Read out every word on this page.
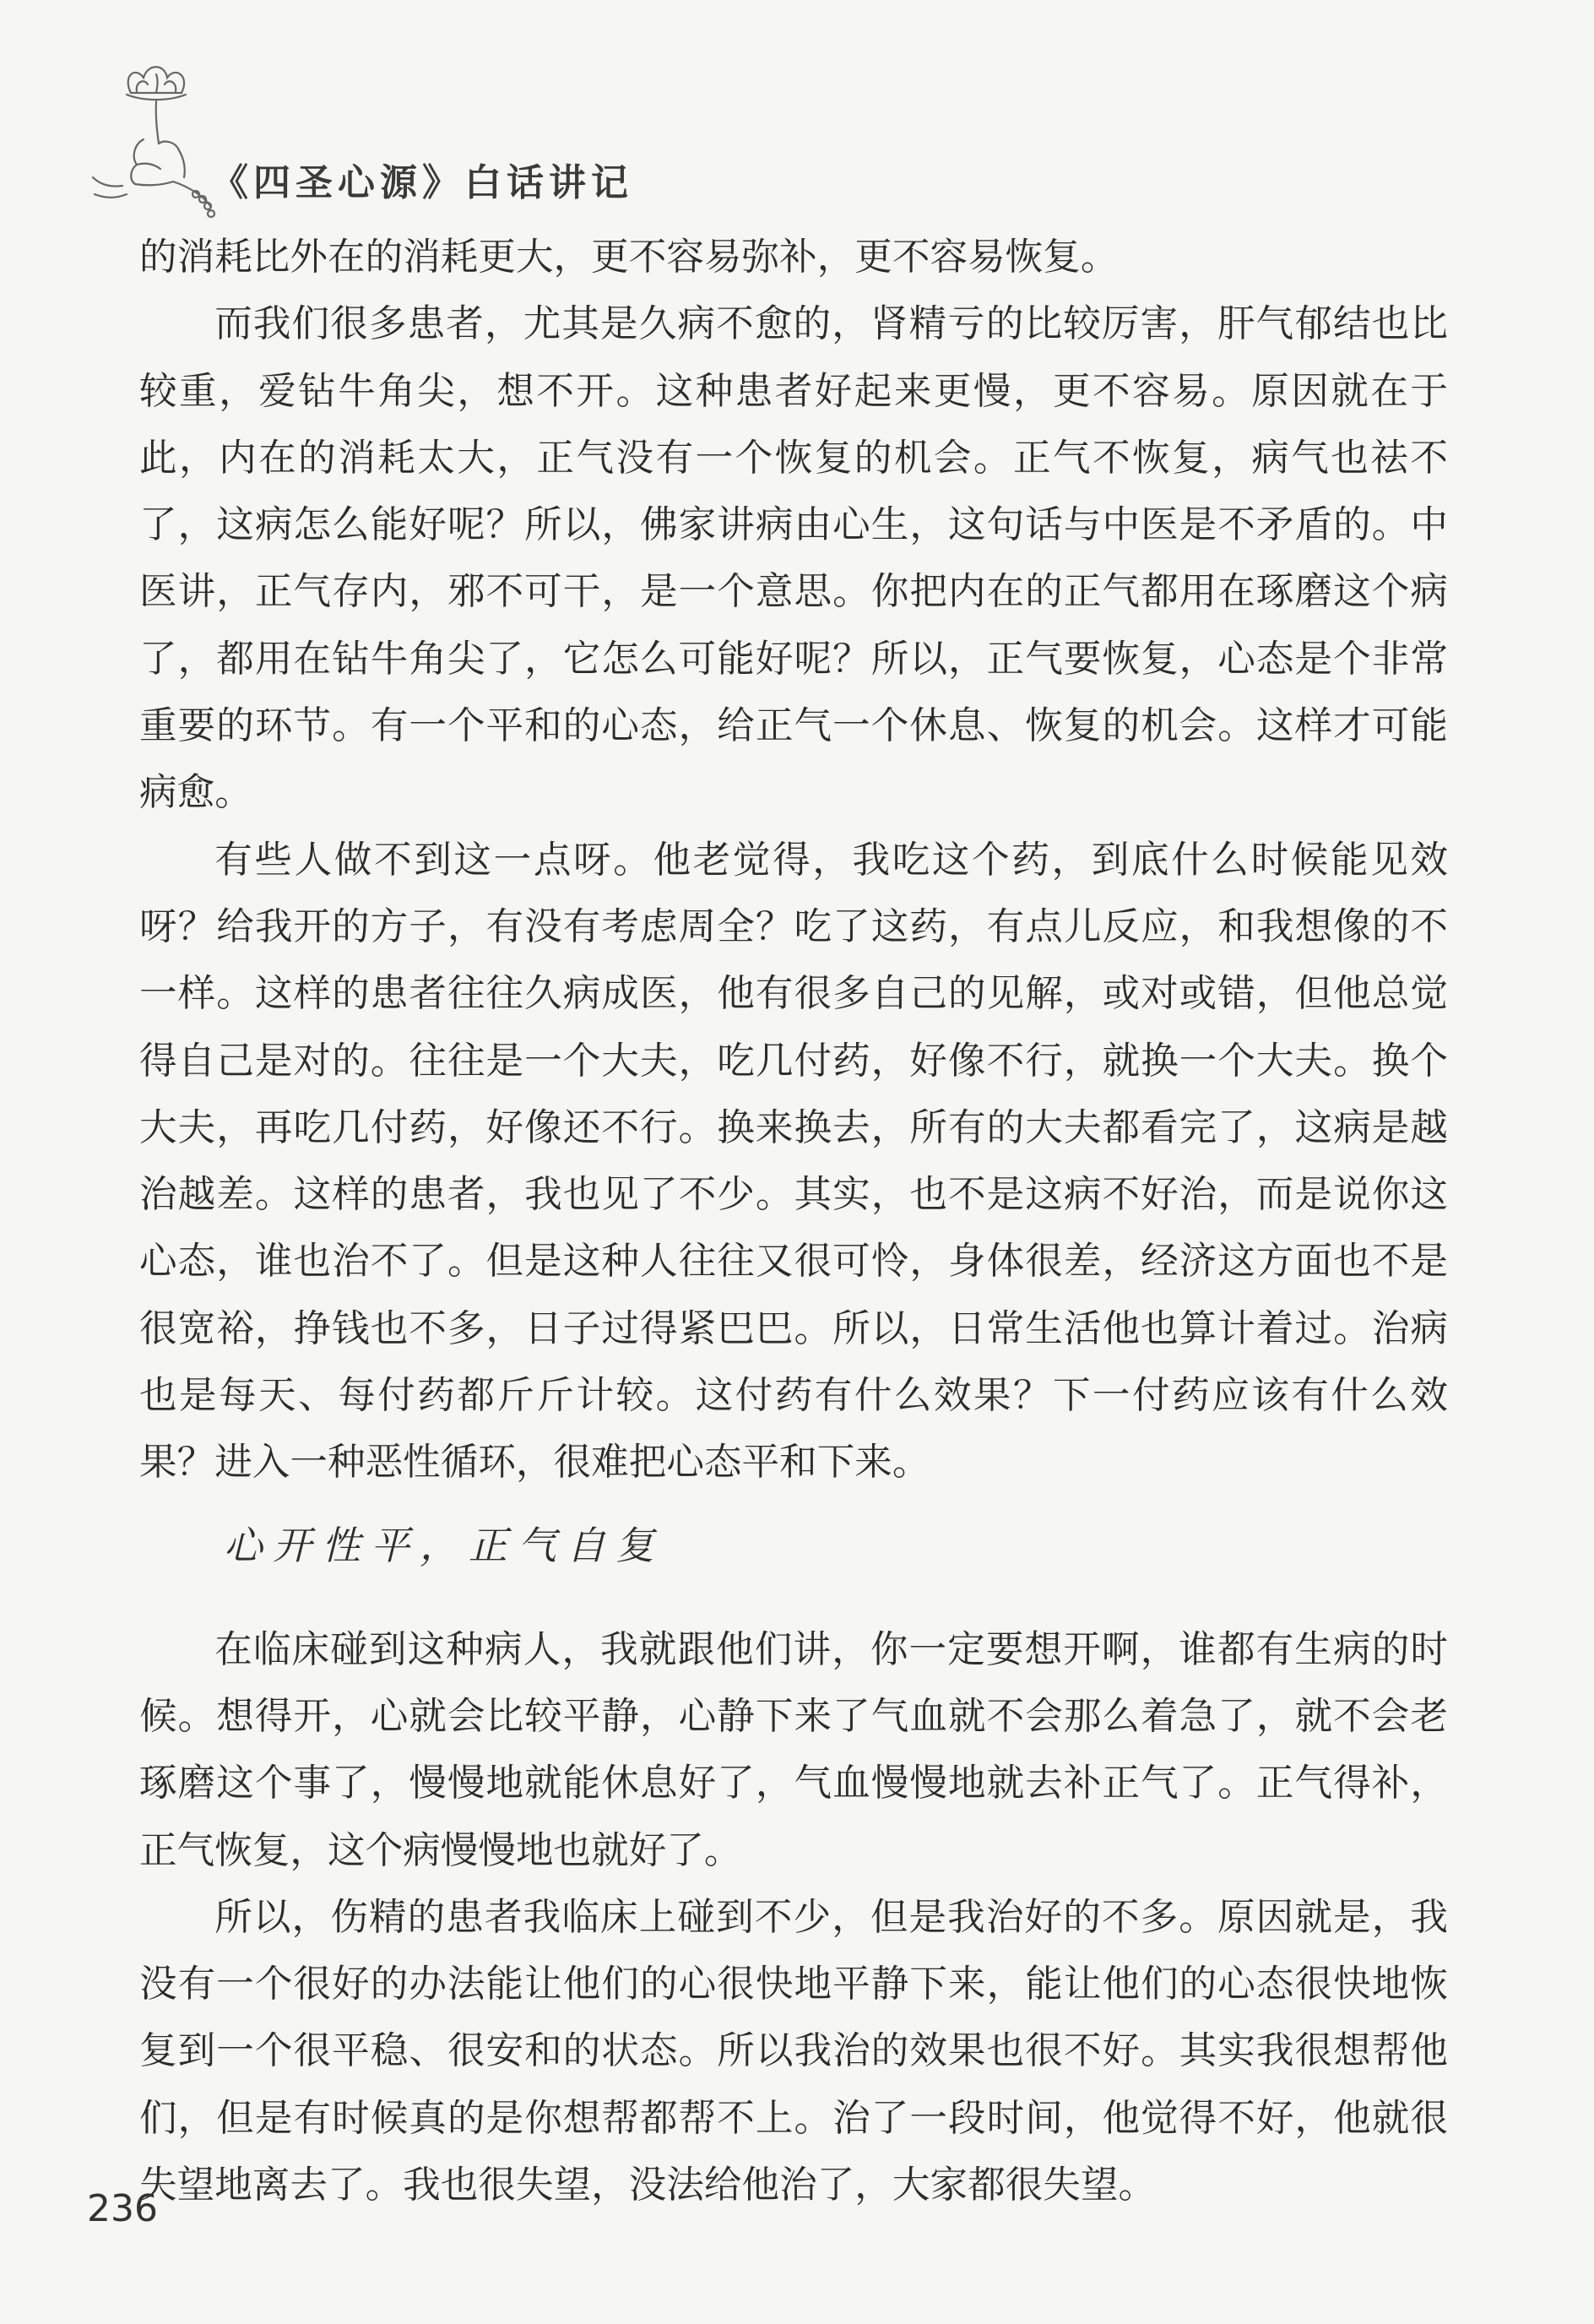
《四圣心源》白话讲记

的消耗比外在的消耗更大，更不容易弥补，更不容易恢复。

而我们很多患者，尤其是久病不愈的，肾精亏的比较厉害，肝气郁结也比较重，爱钻牛角尖，想不开。这种患者好起来更慢，更不容易。原因就在于此，内在的消耗太大，正气没有一个恢复的机会。正气不恢复，病气也祛不了，这病怎么能好呢？所以，佛家讲病由心生，这句话与中医是不矛盾的。中医讲，正气存内，邪不可干，是一个意思。你把内在的正气都用在琢磨这个病了，都用在钻牛角尖了，它怎么可能好呢？所以，正气要恢复，心态是个非常重要的环节。有一个平和的心态，给正气一个休息、恢复的机会。这样才可能病愈。

有些人做不到这一点呀。他老觉得，我吃这个药，到底什么时候能见效呀？给我开的方子，有没有考虑周全？吃了这药，有点儿反应，和我想像的不一样。这样的患者往往久病成医，他有很多自己的见解，或对或错，但他总觉得自己是对的。往往是一个大夫，吃几付药，好像不行，就换一个大夫。换个大夫，再吃几付药，好像还不行。换来换去，所有的大夫都看完了，这病是越治越差。这样的患者，我也见了不少。其实，也不是这病不好治，而是说你这心态，谁也治不了。但是这种人往往又很可怜，身体很差，经济这方面也不是很宽裕，挣钱也不多，日子过得紧巴巴。所以，日常生活他也算计着过。治病也是每天、每付药都斤斤计较。这付药有什么效果？下一付药应该有什么效果？进入一种恶性循环，很难把心态平和下来。

心开性平，正气自复

在临床碰到这种病人，我就跟他们讲，你一定要想开啊，谁都有生病的时候。想得开，心就会比较平静，心静下来了气血就不会那么着急了，就不会老琢磨这个事了，慢慢地就能休息好了，气血慢慢地就去补正气了。正气得补，正气恢复，这个病慢慢地也就好了。

所以，伤精的患者我临床上碰到不少，但是我治好的不多。原因就是，我没有一个很好的办法能让他们的心很快地平静下来，能让他们的心态很快地恢复到一个很平稳、很安和的状态。所以我治的效果也很不好。其实我很想帮他们，但是有时候真的是你想帮都帮不上。治了一段时间，他觉得不好，他就很失望地离去了。我也很失望，没法给他治了，大家都很失望。

236
